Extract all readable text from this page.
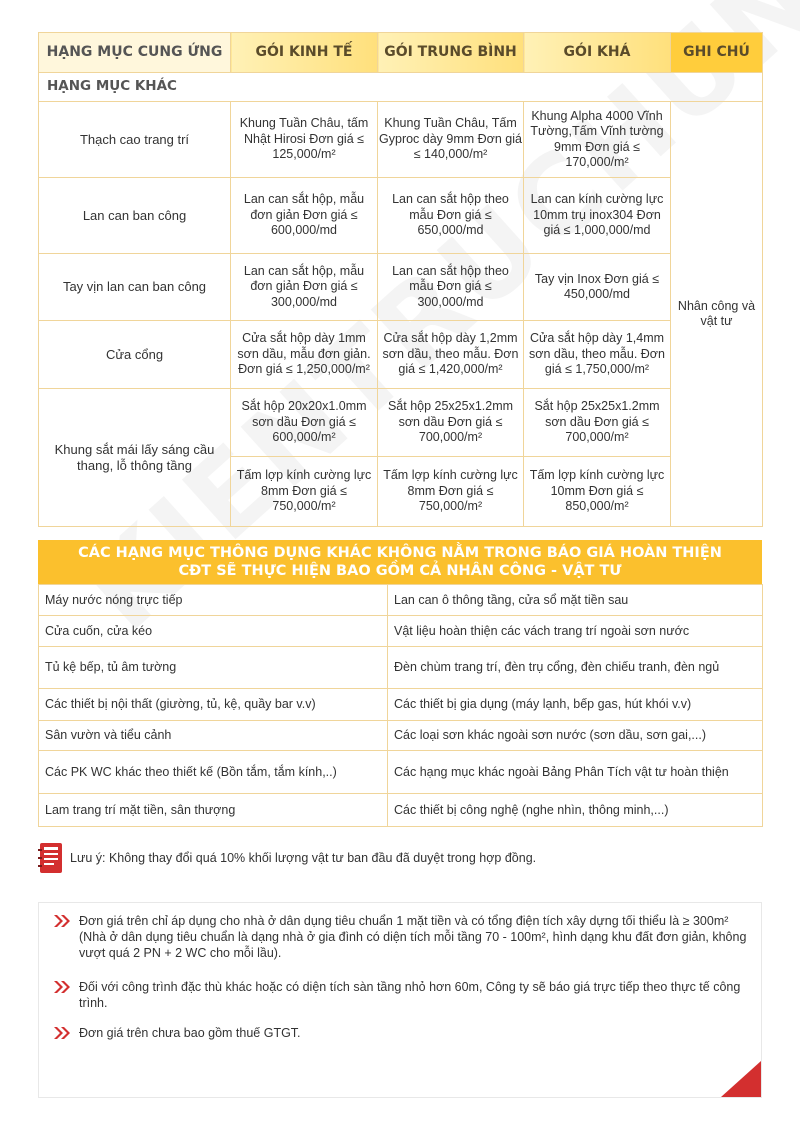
HẠNG MỤC CUNG ỨNG	GÓI KINH TẾ	GÓI TRUNG BÌNH	GÓI KHÁ	GHI CHÚ
HẠNG MỤC KHÁC				
Thạch cao trang trí	Khung Tuần Châu, tấm Nhật Hirosi Đơn giá ≤ 125,000/m²	Khung Tuần Châu, Tấm Gyproc dày 9mm Đơn giá ≤ 140,000/m²	Khung Alpha 4000 Vĩnh Tường,Tấm Vĩnh tường 9mm Đơn giá ≤ 170,000/m²	Nhân công và vật tư
Lan can ban công	Lan can sắt hộp, mẫu đơn giản Đơn giá ≤ 600,000/md	Lan can sắt hộp theo mẫu Đơn giá ≤ 650,000/md	Lan can kính cường lực 10mm trụ inox304 Đơn giá ≤ 1,000,000/md	
Tay vịn lan can ban công	Lan can sắt hộp, mẫu đơn giản Đơn giá ≤ 300,000/md	Lan can sắt hộp theo mẫu Đơn giá ≤ 300,000/md	Tay vịn Inox Đơn giá ≤ 450,000/md	
Cửa cổng	Cửa sắt hộp dày 1mm sơn dầu, mẫu đơn giản. Đơn giá ≤ 1,250,000/m²	Cửa sắt hộp dày 1,2mm sơn dầu, theo mẫu. Đơn giá ≤ 1,420,000/m²	Cửa sắt hộp dày 1,4mm sơn dầu, theo mẫu. Đơn giá ≤ 1,750,000/m²	
Khung sắt mái lấy sáng cầu thang, lỗ thông tầng	Sắt hộp 20x20x1.0mm sơn dầu Đơn giá ≤ 600,000/m²	Sắt hộp 25x25x1.2mm sơn dầu Đơn giá ≤ 700,000/m²	Sắt hộp 25x25x1.2mm sơn dầu Đơn giá ≤ 700,000/m²	
	Tấm lợp kính cường lực 8mm Đơn giá ≤ 750,000/m²	Tấm lợp kính cường lực 8mm Đơn giá ≤ 750,000/m²	Tấm lợp kính cường lực 10mm Đơn giá ≤ 850,000/m²	
CÁC HẠNG MỤC THÔNG DỤNG KHÁC KHÔNG NẰM TRONG BÁO GIÁ HOÀN THIỆN
CĐT SẼ THỰC HIỆN BAO GỒM CẢ NHÂN CÔNG - VẬT TƯ
Máy nước nóng trực tiếp	Lan can ô thông tầng, cửa sổ mặt tiền sau
Cửa cuốn, cửa kéo	Vật liệu hoàn thiện các vách trang trí ngoài sơn nước
Tủ kệ bếp, tủ âm tường	Đèn chùm trang trí, đèn trụ cổng, đèn chiếu tranh, đèn ngủ
Các thiết bị nội thất (giường, tủ, kệ, quầy bar v.v)	Các thiết bị gia dụng (máy lạnh, bếp gas, hút khói v.v)
Sân vườn và tiểu cảnh	Các loại sơn khác ngoài sơn nước (sơn dầu, sơn gai,...)
Các PK WC khác theo thiết kế (Bồn tắm, tắm kính,..)	Các hạng mục khác ngoài Bảng Phân Tích vật tư hoàn thiện
Lam trang trí mặt tiền, sân thượng	Các thiết bị công nghệ (nghe nhìn, thông minh,...)
Lưu ý: Không thay đổi quá 10% khối lượng vật tư ban đầu đã duyệt trong hợp đồng.
Đơn giá trên chỉ áp dụng cho nhà ở dân dụng tiêu chuẩn 1 mặt tiền và có tổng điện tích xây dựng tối thiểu là ≥ 300m² (Nhà ở dân dụng tiêu chuẩn là dạng nhà ở gia đình có diện tích mỗi tầng 70 - 100m², hình dạng khu đất đơn giản, không vượt quá 2 PN + 2 WC cho mỗi lầu).
Đối với công trình đặc thù khác hoặc có diện tích sàn tầng nhỏ hơn 60m, Công ty sẽ báo giá trực tiếp theo thực tế công trình.
Đơn giá trên chưa bao gồm thuế GTGT.
